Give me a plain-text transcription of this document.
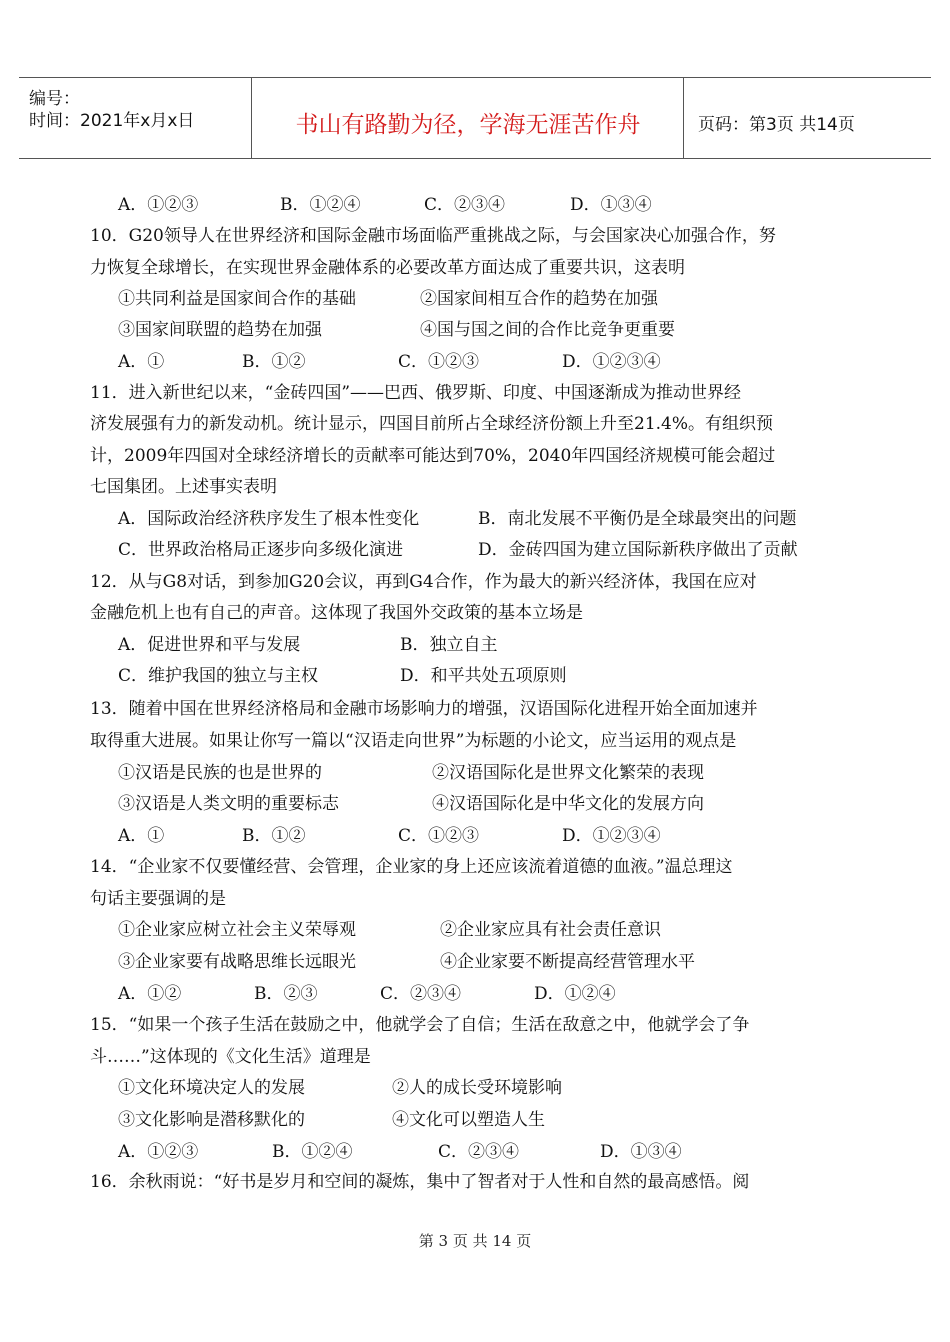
编号：
时间：2021年x月x日	书山有路勤为径，学海无涯苦作舟	页码：第3页 共14页
A．①②③	B．①②④	C．②③④	D．①③④
10．G20领导人在世界经济和国际金融市场面临严重挑战之际，与会国家决心加强合作，努
力恢复全球增长，在实现世界金融体系的必要改革方面达成了重要共识，这表明
①共同利益是国家间合作的基础	②国家间相互合作的趋势在加强
③国家间联盟的趋势在加强	④国与国之间的合作比竞争更重要
A．①	B．①②	C．①②③	D．①②③④
11．进入新世纪以来，“金砖四国”——巴西、俄罗斯、印度、中国逐渐成为推动世界经
济发展强有力的新发动机。统计显示，四国目前所占全球经济份额上升至21.4%。有组织预
计，2009年四国对全球经济增长的贡献率可能达到70%，2040年四国经济规模可能会超过
七国集团。上述事实表明
A．国际政治经济秩序发生了根本性变化	B．南北发展不平衡仍是全球最突出的问题
C．世界政治格局正逐步向多级化演进	D．金砖四国为建立国际新秩序做出了贡献
12．从与G8对话，到参加G20会议，再到G4合作，作为最大的新兴经济体，我国在应对
金融危机上也有自己的声音。这体现了我国外交政策的基本立场是
A．促进世界和平与发展	B．独立自主
C．维护我国的独立与主权	D．和平共处五项原则
13．随着中国在世界经济格局和金融市场影响力的增强，汉语国际化进程开始全面加速并
取得重大进展。如果让你写一篇以“汉语走向世界”为标题的小论文，应当运用的观点是
①汉语是民族的也是世界的	②汉语国际化是世界文化繁荣的表现
③汉语是人类文明的重要标志	④汉语国际化是中华文化的发展方向
A．①	B．①②	C．①②③	D．①②③④
14．“企业家不仅要懂经营、会管理，企业家的身上还应该流着道德的血液。”温总理这
句话主要强调的是
①企业家应树立社会主义荣辱观	②企业家应具有社会责任意识
③企业家要有战略思维长远眼光	④企业家要不断提高经营管理水平
A．①②	B．②③	C．②③④	D．①②④
15．“如果一个孩子生活在鼓励之中，他就学会了自信；生活在敌意之中，他就学会了争
斗……”这体现的《文化生活》道理是
①文化环境决定人的发展	②人的成长受环境影响
③文化影响是潜移默化的	④文化可以塑造人生
A．①②③	B．①②④	C．②③④	D．①③④
16．余秋雨说：“好书是岁月和空间的凝炼，集中了智者对于人性和自然的最高感悟。阅
第 3 页 共 14 页
